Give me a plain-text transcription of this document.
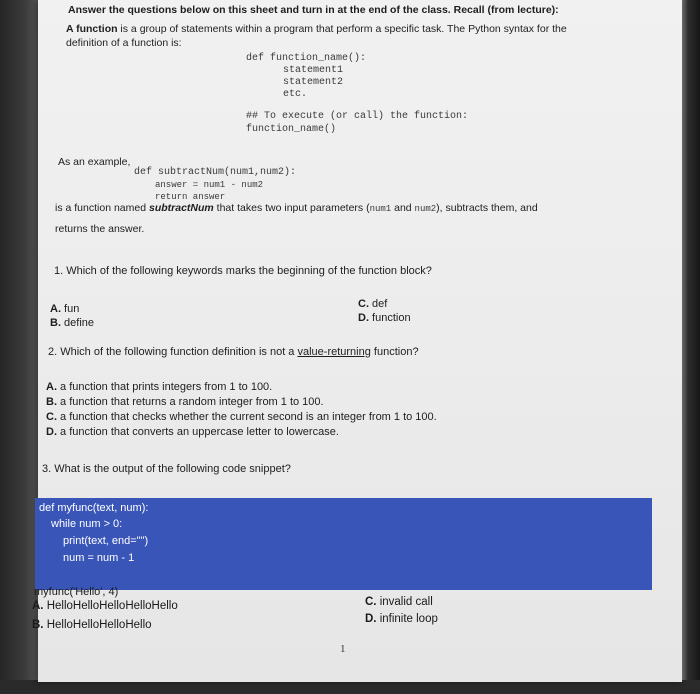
Answer the questions below on this sheet and turn in at the end of the class. Recall (from lecture):
A function is a group of statements within a program that perform a specific task. The Python syntax for the
definition of a function is:
def function_name():
statement1
statement2
etc.
## To execute (or call) the function:
function_name()
As an example,
def subtractNum(num1,num2):
answer = num1 - num2
return answer
is a function named subtractNum that takes two input parameters (num1 and num2), subtracts them, and
returns the answer.
1. Which of the following keywords marks the beginning of the function block?
A. fun
B. define
C. def
D. function
2. Which of the following function definition is not a value-returning function?
A. a function that prints integers from 1 to 100.
B. a function that returns a random integer from 1 to 100.
C. a function that checks whether the current second is an integer from 1 to 100.
D. a function that converts an uppercase letter to lowercase.
3. What is the output of the following code snippet?
def myfunc(text, num):
while num > 0:
print(text, end="")
num = num - 1
myfunc('Hello', 4)
A. HelloHelloHelloHelloHello
B. HelloHelloHelloHello
C. invalid call
D. infinite loop
1
